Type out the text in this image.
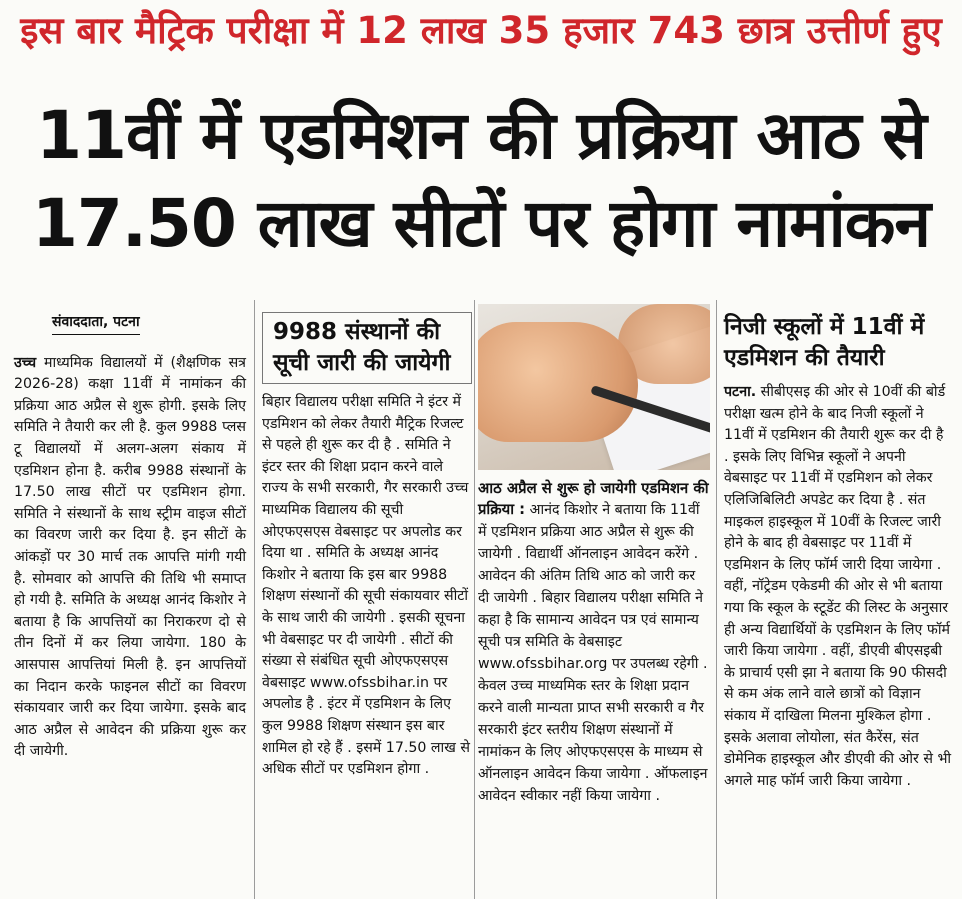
इस बार मैट्रिक परीक्षा में 12 लाख 35 हजार 743 छात्र उत्तीर्ण हुए
11वीं में एडमिशन की प्रक्रिया आठ से
17.50 लाख सीटों पर होगा नामांकन
संवाददाता, पटना
उच्च माध्यमिक विद्यालयों में (शैक्षणिक सत्र 2026-28) कक्षा 11वीं में नामांकन की प्रक्रिया आठ अप्रैल से शुरू होगी. इसके लिए समिति ने तैयारी कर ली है. कुल 9988 प्लस टू विद्यालयों में अलग-अलग संकाय में एडमिशन होना है. करीब 9988 संस्थानों के 17.50 लाख सीटों पर एडमिशन होगा. समिति ने संस्थानों के साथ स्ट्रीम वाइज सीटों का विवरण जारी कर दिया है. इन सीटों के आंकड़ों पर 30 मार्च तक आपत्ति मांगी गयी है. सोमवार को आपत्ति की तिथि भी समाप्त हो गयी है. समिति के अध्यक्ष आनंद किशोर ने बताया है कि आपत्तियों का निराकरण दो से तीन दिनों में कर लिया जायेगा. 180 के आसपास आपत्तियां मिली है. इन आपत्तियों का निदान करके फाइनल सीटों का विवरण संकायवार जारी कर दिया जायेगा. इसके बाद आठ अप्रैल से आवेदन की प्रक्रिया शुरू कर दी जायेगी.
9988 संस्थानों की सूची जारी की जायेगी
बिहार विद्यालय परीक्षा समिति ने इंटर में एडमिशन को लेकर तैयारी मैट्रिक रिजल्ट से पहले ही शुरू कर दी है . समिति ने इंटर स्तर की शिक्षा प्रदान करने वाले राज्य के सभी सरकारी, गैर सरकारी उच्च माध्यमिक विद्यालय की सूची ओएफएसएस वेबसाइट पर अपलोड कर दिया था . समिति के अध्यक्ष आनंद किशोर ने बताया कि इस बार 9988 शिक्षण संस्थानों की सूची संकायवार सीटों के साथ जारी की जायेगी . इसकी सूचना भी वेबसाइट पर दी जायेगी . सीटों की संख्या से संबंधित सूची ओएफएसएस वेबसाइट www.ofssbihar.in पर अपलोड है . इंटर में एडमिशन के लिए कुल 9988 शिक्षण संस्थान इस बार शामिल हो रहे हैं . इसमें 17.50 लाख से अधिक सीटों पर एडमिशन होगा .
आठ अप्रैल से शुरू हो जायेगी एडमिशन की प्रक्रिया : आनंद किशोर ने बताया कि 11वीं में एडमिशन प्रक्रिया आठ अप्रैल से शुरू की जायेगी . विद्यार्थी ऑनलाइन आवेदन करेंगे . आवेदन की अंतिम तिथि आठ को जारी कर दी जायेगी . बिहार विद्यालय परीक्षा समिति ने कहा है कि सामान्य आवेदन पत्र एवं सामान्य सूची पत्र समिति के वेबसाइट www.ofssbihar.org पर उपलब्ध रहेगी . केवल उच्च माध्यमिक स्तर के शिक्षा प्रदान करने वाली मान्यता प्राप्त सभी सरकारी व गैर सरकारी इंटर स्तरीय शिक्षण संस्थानों में नामांकन के लिए ओएफएसएस के माध्यम से ऑनलाइन आवेदन किया जायेगा . ऑफलाइन आवेदन स्वीकार नहीं किया जायेगा .
निजी स्कूलों में 11वीं में एडमिशन की तैयारी
पटना. सीबीएसइ की ओर से 10वीं की बोर्ड परीक्षा खत्म होने के बाद निजी स्कूलों ने 11वीं में एडमिशन की तैयारी शुरू कर दी है . इसके लिए विभिन्न स्कूलों ने अपनी वेबसाइट पर 11वीं में एडमिशन को लेकर एलिजिबिलिटी अपडेट कर दिया है . संत माइकल हाइस्कूल में 10वीं के रिजल्ट जारी होने के बाद ही वेबसाइट पर 11वीं में एडमिशन के लिए फॉर्म जारी दिया जायेगा . वहीं, नॉट्रेडम एकेडमी की ओर से भी बताया गया कि स्कूल के स्टूडेंट की लिस्ट के अनुसार ही अन्य विद्यार्थियों के एडमिशन के लिए फॉर्म जारी किया जायेगा . वहीं, डीएवी बीएसइबी के प्राचार्य एसी झा ने बताया कि 90 फीसदी से कम अंक लाने वाले छात्रों को विज्ञान संकाय में दाखिला मिलना मुश्किल होगा . इसके अलावा लोयोला, संत कैरेंस, संत डोमेनिक हाइस्कूल और डीएवी की ओर से भी अगले माह फॉर्म जारी किया जायेगा .
